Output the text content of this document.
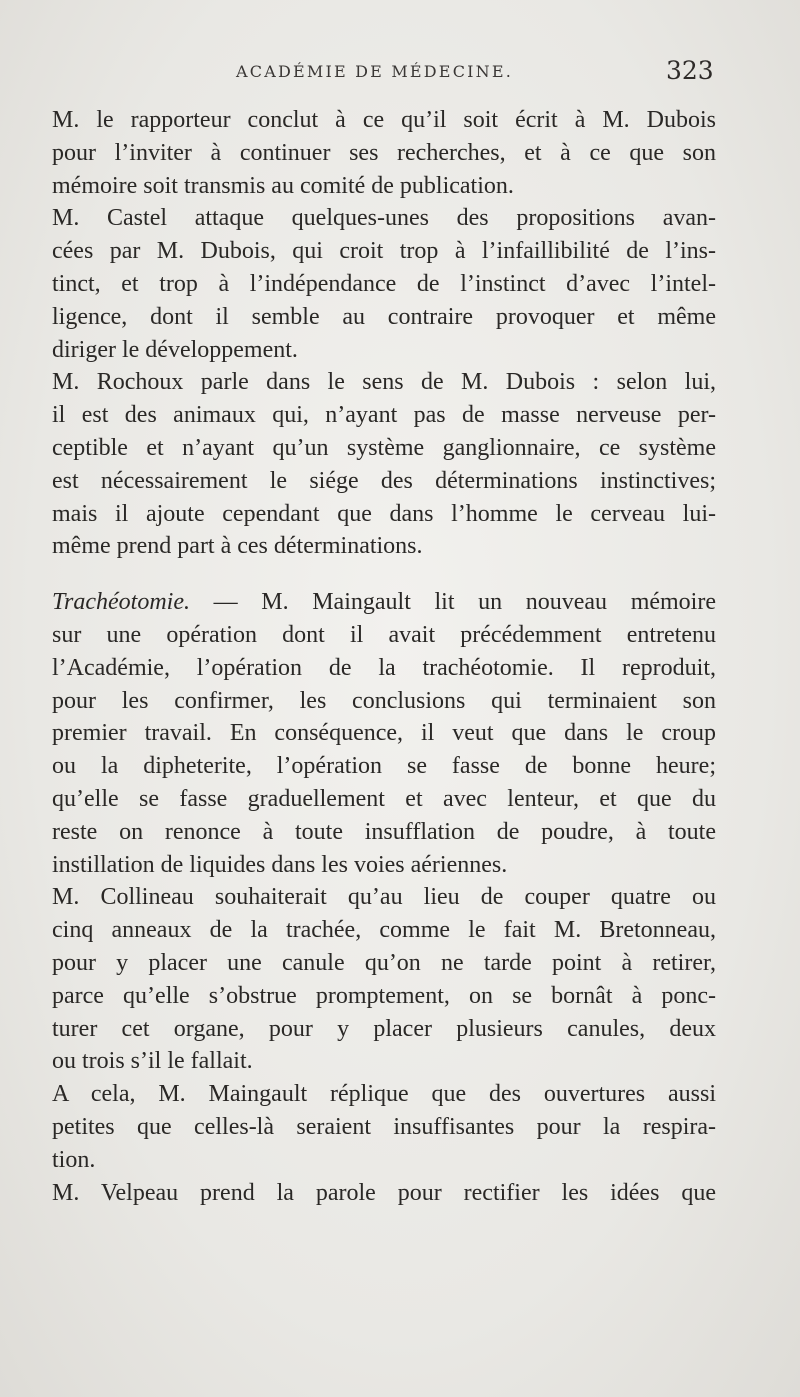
ACADÉMIE DE MÉDECINE.	323
M. le rapporteur conclut à ce qu’il soit écrit à M. Dubois
pour l’inviter à continuer ses recherches, et à ce que son
mémoire soit transmis au comité de publication.
M. Castel attaque quelques-unes des propositions avan-
cées par M. Dubois, qui croit trop à l’infaillibilité de l’ins-
tinct, et trop à l’indépendance de l’instinct d’avec l’intel-
ligence, dont il semble au contraire provoquer et même
diriger le développement.
M. Rochoux parle dans le sens de M. Dubois : selon lui,
il est des animaux qui, n’ayant pas de masse nerveuse per-
ceptible et n’ayant qu’un système ganglionnaire, ce système
est nécessairement le siége des déterminations instinctives;
mais il ajoute cependant que dans l’homme le cerveau lui-
même prend part à ces déterminations.
Trachéotomie. — M. Maingault lit un nouveau mémoire
sur une opération dont il avait précédemment entretenu
l’Académie, l’opération de la trachéotomie. Il reproduit,
pour les confirmer, les conclusions qui terminaient son
premier travail. En conséquence, il veut que dans le croup
ou la dipheterite, l’opération se fasse de bonne heure;
qu’elle se fasse graduellement et avec lenteur, et que du
reste on renonce à toute insufflation de poudre, à toute
instillation de liquides dans les voies aériennes.
M. Collineau souhaiterait qu’au lieu de couper quatre ou
cinq anneaux de la trachée, comme le fait M. Bretonneau,
pour y placer une canule qu’on ne tarde point à retirer,
parce qu’elle s’obstrue promptement, on se bornât à ponc-
turer cet organe, pour y placer plusieurs canules, deux
ou trois s’il le fallait.
A cela, M. Maingault réplique que des ouvertures aussi
petites que celles-là seraient insuffisantes pour la respira-
tion.
M. Velpeau prend la parole pour rectifier les idées que
